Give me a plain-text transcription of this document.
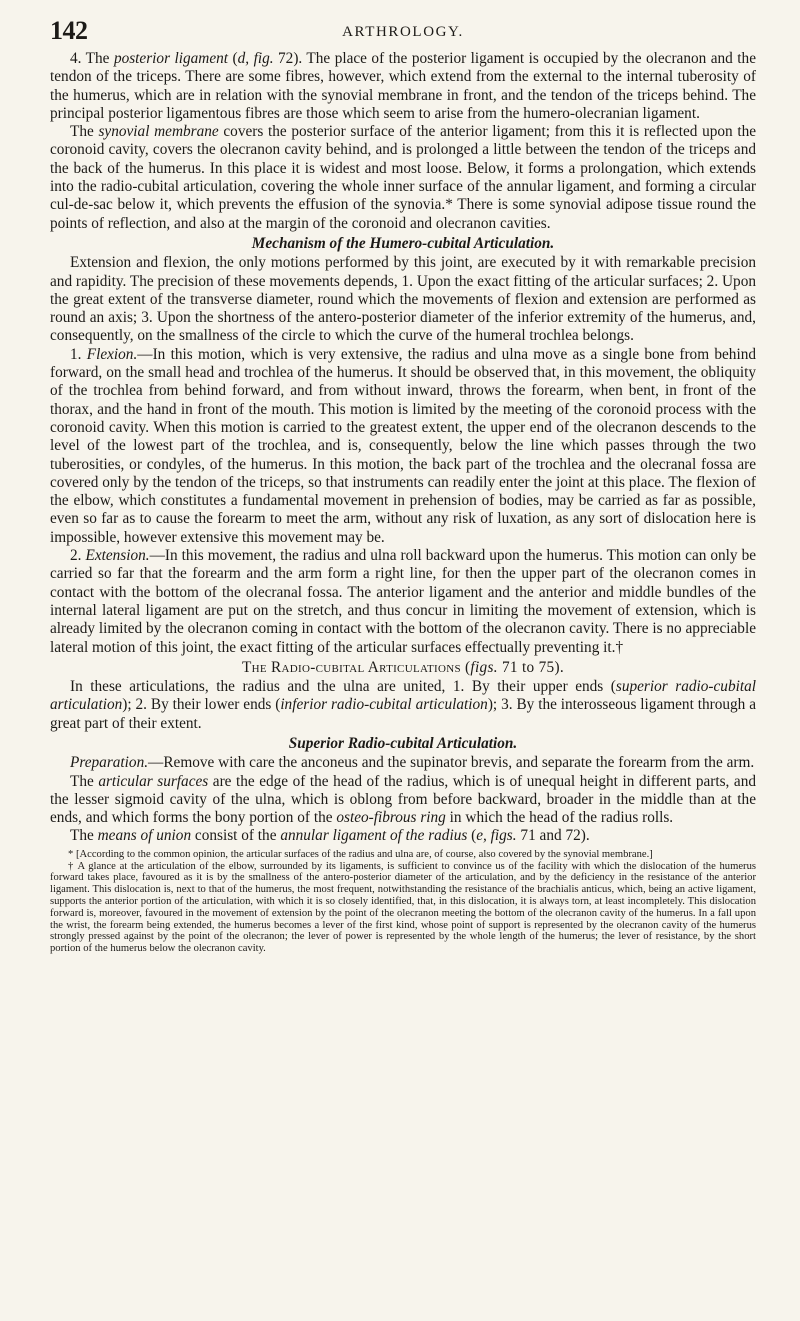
142	ARTHROLOGY.

4. The posterior ligament (d, fig. 72). The place of the posterior ligament is occupied by the olecranon and the tendon of the triceps. There are some fibres, however, which extend from the external to the internal tuberosity of the humerus, which are in relation with the synovial membrane in front, and the tendon of the triceps behind. The principal posterior ligamentous fibres are those which seem to arise from the humero-olecranian ligament.

The synovial membrane covers the posterior surface of the anterior ligament; from this it is reflected upon the coronoid cavity, covers the olecranon cavity behind, and is prolonged a little between the tendon of the triceps and the back of the humerus. In this place it is widest and most loose. Below, it forms a prolongation, which extends into the radio-cubital articulation, covering the whole inner surface of the annular ligament, and forming a circular cul-de-sac below it, which prevents the effusion of the synovia.* There is some synovial adipose tissue round the points of reflection, and also at the margin of the coronoid and olecranon cavities.

Mechanism of the Humero-cubital Articulation.

Extension and flexion, the only motions performed by this joint, are executed by it with remarkable precision and rapidity. The precision of these movements depends, 1. Upon the exact fitting of the articular surfaces; 2. Upon the great extent of the transverse diameter, round which the movements of flexion and extension are performed as round an axis; 3. Upon the shortness of the antero-posterior diameter of the inferior extremity of the humerus, and, consequently, on the smallness of the circle to which the curve of the humeral trochlea belongs.

1. Flexion.—In this motion, which is very extensive, the radius and ulna move as a single bone from behind forward, on the small head and trochlea of the humerus. It should be observed that, in this movement, the obliquity of the trochlea from behind forward, and from without inward, throws the forearm, when bent, in front of the thorax, and the hand in front of the mouth. This motion is limited by the meeting of the coronoid process with the coronoid cavity. When this motion is carried to the greatest extent, the upper end of the olecranon descends to the level of the lowest part of the trochlea, and is, consequently, below the line which passes through the two tuberosities, or condyles, of the humerus. In this motion, the back part of the trochlea and the olecranal fossa are covered only by the tendon of the triceps, so that instruments can readily enter the joint at this place. The flexion of the elbow, which constitutes a fundamental movement in prehension of bodies, may be carried as far as possible, even so far as to cause the forearm to meet the arm, without any risk of luxation, as any sort of dislocation here is impossible, however extensive this movement may be.

2. Extension.—In this movement, the radius and ulna roll backward upon the humerus. This motion can only be carried so far that the forearm and the arm form a right line, for then the upper part of the olecranon comes in contact with the bottom of the olecranal fossa. The anterior ligament and the anterior and middle bundles of the internal lateral ligament are put on the stretch, and thus concur in limiting the movement of extension, which is already limited by the olecranon coming in contact with the bottom of the olecranon cavity. There is no appreciable lateral motion of this joint, the exact fitting of the articular surfaces effectually preventing it.†

The Radio-cubital Articulations (figs. 71 to 75).

In these articulations, the radius and the ulna are united, 1. By their upper ends (superior radio-cubital articulation); 2. By their lower ends (inferior radio-cubital articulation); 3. By the interosseous ligament through a great part of their extent.

Superior Radio-cubital Articulation.

Preparation.—Remove with care the anconeus and the supinator brevis, and separate the forearm from the arm.

The articular surfaces are the edge of the head of the radius, which is of unequal height in different parts, and the lesser sigmoid cavity of the ulna, which is oblong from before backward, broader in the middle than at the ends, and which forms the bony portion of the osteo-fibrous ring in which the head of the radius rolls.

The means of union consist of the annular ligament of the radius (e, figs. 71 and 72).

* [According to the common opinion, the articular surfaces of the radius and ulna are, of course, also covered by the synovial membrane.]

† A glance at the articulation of the elbow, surrounded by its ligaments, is sufficient to convince us of the facility with which the dislocation of the humerus forward takes place, favoured as it is by the smallness of the antero-posterior diameter of the articulation, and by the deficiency in the resistance of the anterior ligament. This dislocation is, next to that of the humerus, the most frequent, notwithstanding the resistance of the brachialis anticus, which, being an active ligament, supports the anterior portion of the articulation, with which it is so closely identified, that, in this dislocation, it is always torn, at least incompletely. This dislocation forward is, moreover, favoured in the movement of extension by the point of the olecranon meeting the bottom of the olecranon cavity of the humerus. In a fall upon the wrist, the forearm being extended, the humerus becomes a lever of the first kind, whose point of support is represented by the olecranon cavity of the humerus strongly pressed against by the point of the olecranon; the lever of power is represented by the whole length of the humerus; the lever of resistance, by the short portion of the humerus below the olecranon cavity.
